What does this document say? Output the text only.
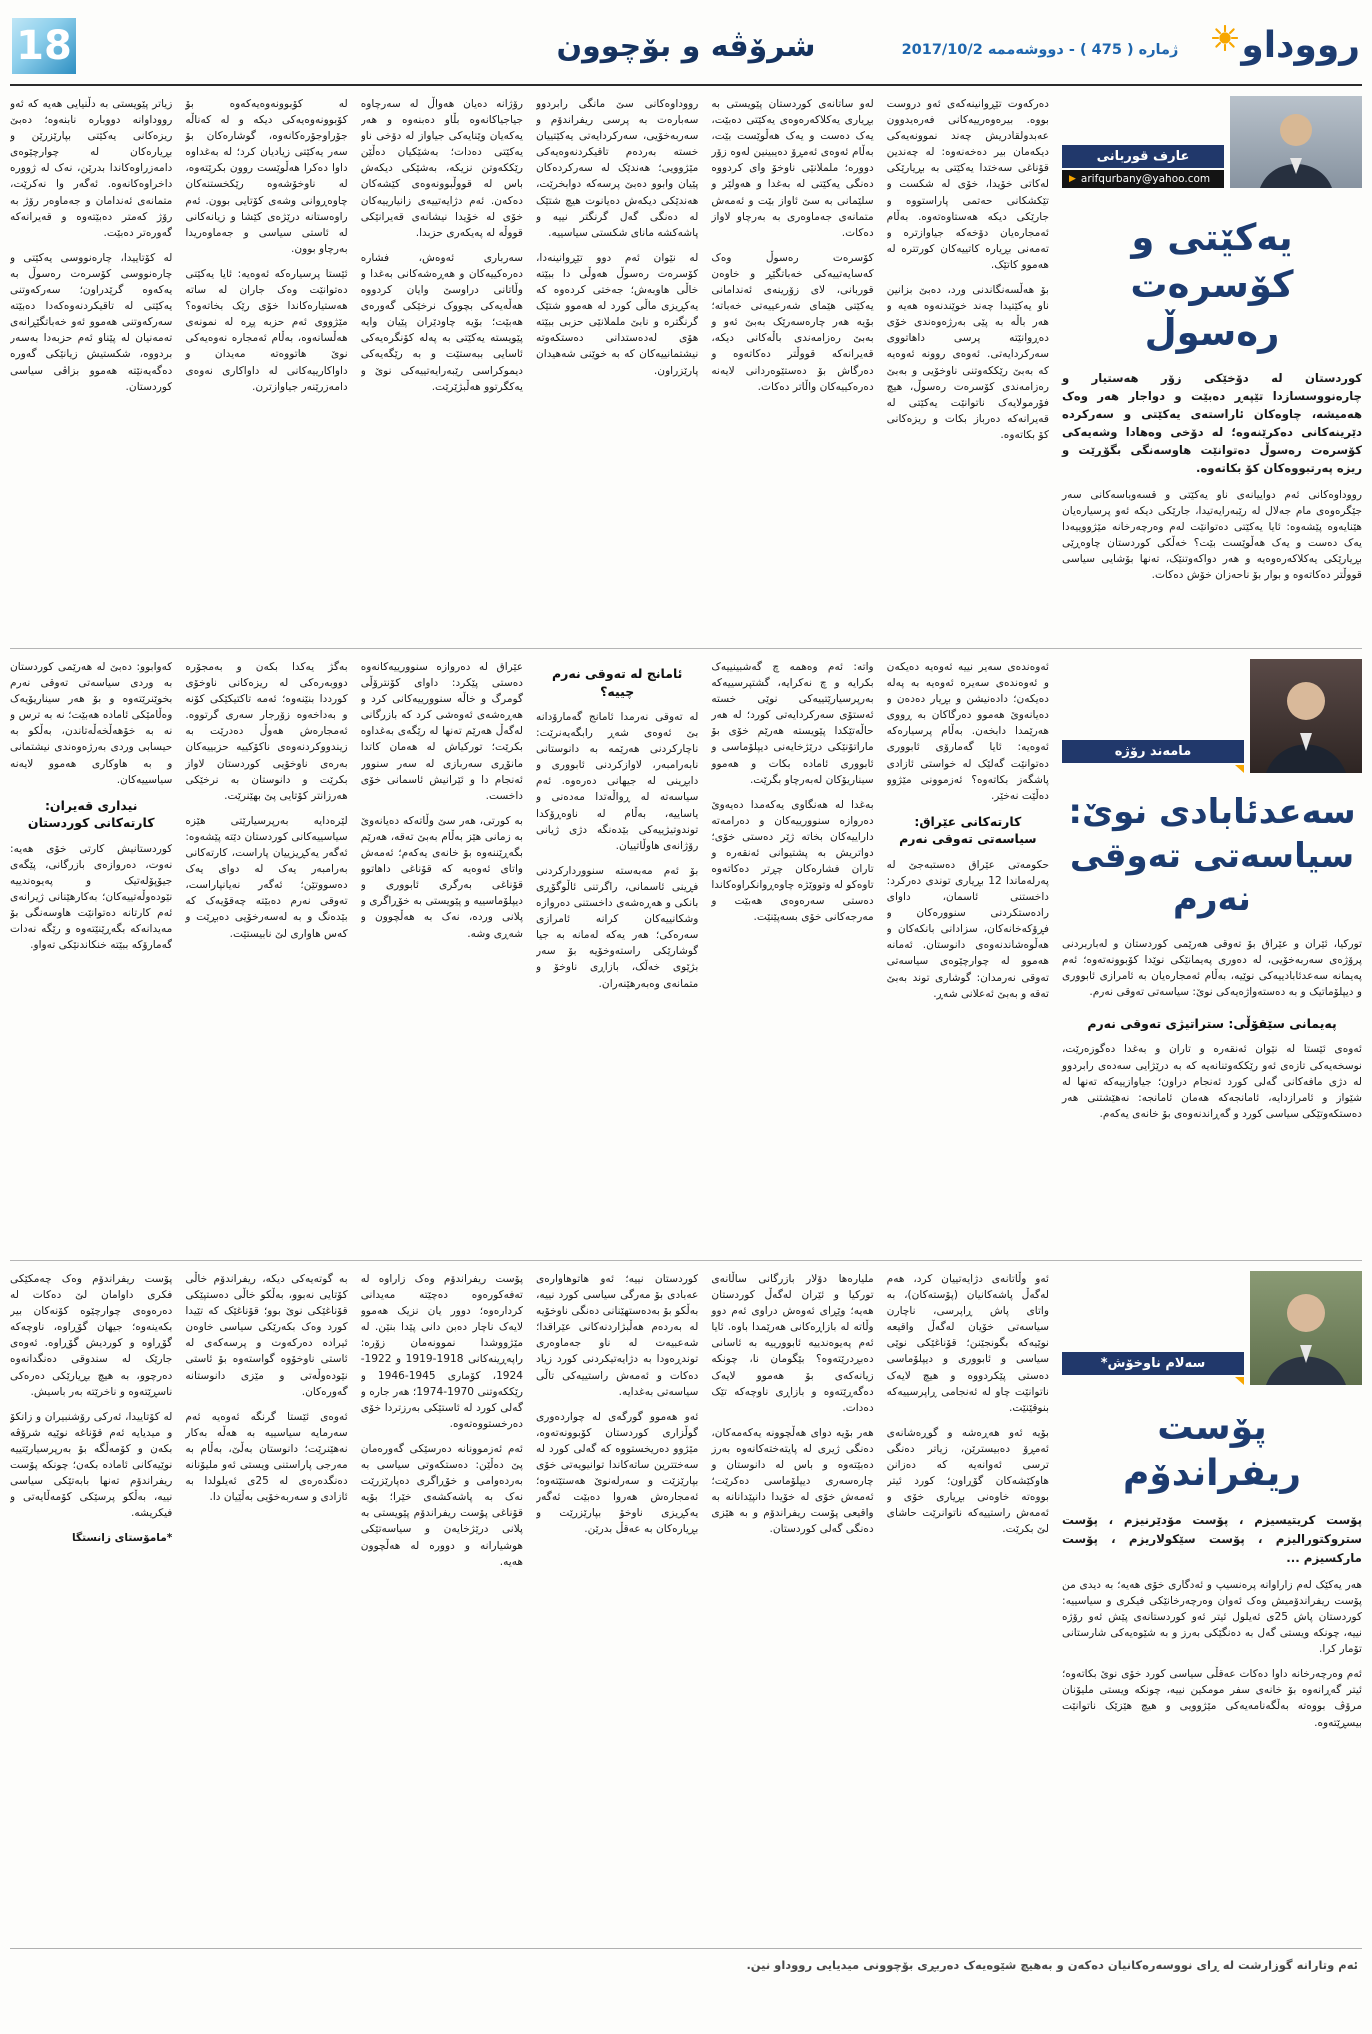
18	شرۆڤە و بۆچوون	ژمارە ( 475 ) - دووشەممە 2017/10/2 رووداو
عارف قوربانی
▶ arifqurbany@yahoo.com
یەکێتی و کۆسرەت رەسوڵ

کوردستان لە دۆخێکی زۆر هەستیار و چارەنووسسازدا تێپەڕ دەبێت و دواجار هەر وەک هەمیشە، چاوەکان ئاراستەی یەکێتی و سەرکردە دێرینەکانی دەکرێنەوە؛ لە دۆخی وەهادا وشەیەکی کۆسرەت رەسوڵ دەتوانێت هاوسەنگی بگۆڕێت و ریزە پەرتبووەکان کۆ بکاتەوە.

رووداوەکانی ئەم دواییانەی ناو یەکێتی و قسەوباسەکانی سەر جێگرەوەی مام جەلال لە رێبەرایەتیدا، جارێکی دیکە ئەو پرسیارەیان هێنایەوە پێشەوە: ئایا یەکێتی دەتوانێت لەم وەرچەرخانە مێژووییەدا یەک دەست و یەک هەڵوێست بێت؟ خەڵکی کوردستان چاوەڕێی بڕیارێکی یەکلاکەرەوەیە و هەر دواکەوتنێک، تەنها بۆشایی سیاسی قووڵتر دەکاتەوە و بوار بۆ ناحەزان خۆش دەکات.

دەرکەوت تێڕوانینەکەی ئەو دروست بووە. بیرەوەرییەکانی فەرەیدوون عەبدولقادریش چەند نموونەیەکی دیکەمان بیر دەخەنەوە: لە چەندین قۆناغی سەختدا یەکێتی بە بڕیارێکی لەکاتی خۆیدا، خۆی لە شکست و تێکشکانی حەتمی پاراستووە و جارێکی دیکە هەستاوەتەوە. بەڵام ئەمجارەیان دۆخەکە جیاوازترە و تەمەنی بڕیارە کاتییەکان کورتترە لە هەموو کاتێک.

بۆ هەڵسەنگاندنی ورد، دەبێ بزانین ناو یەکێتیدا چەند خوێندنەوە هەیە و هەر باڵە بە پێی بەرژەوەندی خۆی دەڕوانێتە پرسی داهاتووی سەرکردایەتی. ئەوەی روونە ئەوەیە کە بەبێ رێککەوتنی ناوخۆیی و بەبێ رەزامەندی کۆسرەت رەسوڵ، هیچ فۆرمولایەک ناتوانێت یەکێتی لە قەیرانەکە دەرباز بکات و ریزەکانی کۆ بکاتەوە.

لەو ساتانەی کوردستان پێویستی بە بڕیاری یەکلاکەرەوەی یەکێتی دەبێت، یەک دەست و یەک هەڵوێست بێت، بەڵام ئەوەی ئەمڕۆ دەیبینین لەوە زۆر دوورە؛ ململانێی ناوخۆ وای کردووە دەنگی یەکێتی لە بەغدا و هەولێر و سلێمانی بە سێ ئاواز بێت و ئەمەش متمانەی جەماوەری بە بەرچاو لاواز دەکات.

کۆسرەت رەسوڵ وەک کەسایەتییەکی خەباتگێڕ و خاوەن قوربانی، لای زۆرینەی ئەندامانی یەکێتی هێمای شەرعییەتی خەباتە؛ بۆیە هەر چارەسەرێک بەبێ ئەو و بەبێ رەزامەندی باڵەکانی دیکە، قەیرانەکە قووڵتر دەکاتەوە و دەرگاش بۆ دەستێوەردانی لایەنە دەرەکییەکان واڵاتر دەکات.

رووداوەکانی سێ مانگی رابردوو سەبارەت بە پرسی ریفراندۆم و سەربەخۆیی، سەرکردایەتی یەکێتییان خستە بەردەم تاقیکردنەوەیەکی مێژوویی؛ هەندێک لە سەرکردەکان پێیان وابوو دەبێ پرسەکە دوابخرێت، هەندێکی دیکەش دەیانوت هیچ شتێک لە دەنگی گەل گرنگتر نییە و پاشەکشە مانای شکستی سیاسییە.

لە نێوان ئەم دوو تێڕوانینەدا، کۆسرەت رەسوڵ هەوڵی دا ببێتە خاڵی هاوبەش؛ جەختی کردەوە کە یەکڕیزی ماڵی کورد لە هەموو شتێک گرنگترە و نابێ ململانێی حزبی ببێتە هۆی لەدەستدانی دەستکەوتە نیشتمانییەکان کە بە خوێنی شەهیدان پارێزراون.

رۆژانە دەیان هەواڵ لە سەرچاوە جیاجیاکانەوە بڵاو دەبنەوە و هەر یەکەیان وێنایەکی جیاواز لە دۆخی ناو یەکێتی دەدات؛ بەشێکیان دەڵێن رێککەوتن نزیکە، بەشێکی دیکەش باس لە قووڵبوونەوەی کێشەکان دەکەن. ئەم دژایەتییەی زانیارییەکان خۆی لە خۆیدا نیشانەی قەیرانێکی قووڵە لە پەیکەری حزبدا.

سەرباری ئەوەش، فشارە دەرەکییەکان و هەڕەشەکانی بەغدا و وڵاتانی دراوسێ وایان کردووە هەڵەیەکی بچووک نرخێکی گەورەی هەبێت؛ بۆیە چاودێران پێیان وایە پێویستە یەکێتی بە پەلە کۆنگرەیەکی ئاسایی ببەستێت و بە رێگەیەکی دیموکراسی رێبەرایەتییەکی نوێ و یەکگرتوو هەڵبژێرێت.

لە کۆبوونەوەیەکەوە بۆ کۆبوونەوەیەکی دیکە و لە کەناڵە جۆراوجۆرەکانەوە، گوشارەکان بۆ سەر یەکێتی زیادیان کرد؛ لە بەغداوە داوا دەکرا هەڵوێست روون بکرێتەوە، لە ناوخۆشەوە رێکخستنەکان چاوەڕوانی وشەی کۆتایی بوون. ئەم راوەستانە درێژەی کێشا و زیانەکانی لە ئاستی سیاسی و جەماوەریدا بەرچاو بوون.

ئێستا پرسیارەکە ئەوەیە: ئایا یەکێتی دەتوانێت وەک جاران لە ساتە هەستیارەکاندا خۆی رێک بخاتەوە؟ مێژووی ئەم حزبە پڕە لە نمونەی هەڵسانەوە، بەڵام ئەمجارە نەوەیەکی نوێ هاتووەتە مەیدان و داواکارییەکانی لە داواکاری نەوەی دامەزرێنەر جیاوازترن.

زیاتر پێویستی بە دڵنیایی هەیە کە ئەو رووداوانە دووبارە نابنەوە؛ دەبێ ریزەکانی یەکێتی بپارێزرێن و بڕیارەکان لە چوارچێوەی دامەزراوەکاندا بدرێن، نەک لە ژوورە داخراوەکانەوە. ئەگەر وا نەکرێت، متمانەی ئەندامان و جەماوەر رۆژ بە رۆژ کەمتر دەبێتەوە و قەیرانەکە گەورەتر دەبێت.

لە کۆتاییدا، چارەنووسی یەکێتی و چارەنووسی کۆسرەت رەسوڵ بە یەکەوە گرێدراون؛ سەرکەوتنی یەکێتی لە تاقیکردنەوەکەدا دەبێتە سەرکەوتنی هەموو ئەو خەباتگێڕانەی تەمەنیان لە پێناو ئەم حزبەدا بەسەر بردووە، شکستیش زیانێکی گەورە دەگەیەنێتە هەموو بزاڤی سیاسی کوردستان.

مامەند رۆژە
سەعدئابادی نوێ: سیاسەتی تەوقی نەرم

تورکیا، ئێران و عێراق بۆ تەوقی هەرێمی کوردستان و لەباربردنی پرۆژەی سەربەخۆیی، لە دەوری پەیمانێکی نوێدا کۆبوونەتەوە؛ ئەم پەیمانە سەعدئابادییەکی نوێیە، بەڵام ئەمجارەیان بە ئامرازی ئابووری و دیپلۆماتیک و بە دەستەواژەیەکی نوێ: سیاسەتی تەوقی نەرم.

پەیمانی سێقۆڵی: ستراتیژی تەوقی نەرم

ئەوەی ئێستا لە نێوان ئەنقەرە و تاران و بەغدا دەگوزەرێت، نوسخەیەکی تازەی ئەو رێککەوتنانەیە کە بە درێژایی سەدەی رابردوو لە دژی مافەکانی گەلی کورد ئەنجام دراون؛ جیاوازییەکە تەنها لە شێواز و ئامرازدایە، ئامانجەکە هەمان ئامانجە: نەهێشتنی هەر دەستکەوتێکی سیاسی کورد و گەڕاندنەوەی بۆ خانەی یەکەم.

ئەوەندەی سەیر نییە ئەوەیە دەیکەن و ئەوەندەی سەیرە ئەوەیە بە پەلە دەیکەن؛ دادەنیشن و بڕیار دەدەن و دەیانەوێ هەموو دەرگاکان بە ڕووی هەرێمدا دابخەن. بەڵام پرسیارەکە ئەوەیە: ئایا گەمارۆی ئابووری دەتوانێت گەلێک لە خواستی ئازادی پاشگەز بکاتەوە؟ ئەزموونی مێژوو دەڵێت نەخێر.

کارتەکانی عێراق: سیاسەتی تەوقی نەرم

حکومەتی عێراق دەستبەجێ لە پەرلەماندا 12 بڕیاری توندی دەرکرد: داخستنی ئاسمان، داوای رادەستکردنی سنوورەکان و فڕۆکەخانەکان، سزادانی بانکەکان و هەڵوەشاندنەوەی دانوستان. ئەمانە هەموو لە چوارچێوەی سیاسەتی تەوقی نەرمدان: گوشاری توند بەبێ تەقە و بەبێ ئەعلانی شەڕ.

واتە: ئەم وەهمە چ گەشبینییەک بکرایە و چ نەکرایە، گشتپرسییەکە بەرپرسیارێتییەکی نوێی خستە ئەستۆی سەرکردایەتی کورد؛ لە هەر حاڵەتێکدا پێویستە هەرێم خۆی بۆ ماراتۆنێکی درێژخایەنی دیپلۆماسی و ئابووری ئامادە بکات و هەموو سیناریۆکان لەبەرچاو بگرێت.

بەغدا لە هەنگاوی یەکەمدا دەیەوێ دەروازە سنوورییەکان و دەرامەتە داراییەکان بخاتە ژێر دەستی خۆی؛ دواتریش بە پشتیوانی ئەنقەرە و تاران فشارەکان چڕتر دەکاتەوە تاوەکو لە وتووێژە چاوەڕوانکراوەکاندا دەستی سەرەوەی هەبێت و مەرجەکانی خۆی بسەپێنێت.

ئامانج لە تەوقی نەرم چییە؟

لە تەوقی نەرمدا ئامانج گەمارۆدانە بێ ئەوەی شەڕ رابگەیەنرێت: ناچارکردنی هەرێمە بە دانوستانی نابەرامبەر، لاوازکردنی ئابووری و دابڕینی لە جیهانی دەرەوە. ئەم سیاسەتە لە ڕواڵەتدا مەدەنی و یاساییە، بەڵام لە ناوەڕۆکدا توندوتیژییەکی بێدەنگە دژی ژیانی رۆژانەی هاوڵاتییان.

بۆ ئەم مەبەستە سنووردارکردنی فڕینی ئاسمانی، راگرتنی ئاڵوگۆڕی بانکی و هەڕەشەی داخستنی دەروازە وشکانییەکان کرانە ئامرازی سەرەکی؛ هەر یەکە لەمانە بە جیا گوشارێکی راستەوخۆیە بۆ سەر بژێوی خەڵک، بازاڕی ناوخۆ و متمانەی وەبەرهێنەران.

عێراق لە دەروازە سنوورییەکانەوە دەستی پێکرد: داوای کۆنترۆڵی گومرگ و خاڵە سنوورییەکانی کرد و هەڕەشەی ئەوەشی کرد کە بازرگانی لەگەڵ هەرێم تەنها لە رێگەی بەغداوە بکرێت؛ تورکیاش لە هەمان کاتدا مانۆڕی سەربازی لە سەر سنوور ئەنجام دا و ئێرانیش ئاسمانی خۆی داخست.

بە کورتی، هەر سێ وڵاتەکە دەیانەوێ بە زمانی هێز بەڵام بەبێ تەقە، هەرێم بگەڕێننەوە بۆ خانەی یەکەم؛ ئەمەش واتای ئەوەیە کە قۆناغی داهاتوو قۆناغی بەرگری ئابووری و دیپلۆماسییە و پێویستی بە خۆڕاگری و پلانی وردە، نەک بە هەڵچوون و شەڕی وشە.

بەگژ یەکدا بکەن و بەمجۆرە دووبەرەکی لە ریزەکانی ناوخۆی کورددا بنێنەوە؛ ئەمە تاکتیکێکی کۆنە و بەداخەوە زۆرجار سەری گرتووە. ئەمجارەش هەوڵ دەدرێت بە زیندووکردنەوەی ناکۆکییە حزبییەکان بەرەی ناوخۆیی کوردستان لاواز بکرێت و دانوستان بە نرخێکی هەرزانتر کۆتایی پێ بهێنرێت.

لێرەدایە بەرپرسیارێتی هێزە سیاسییەکانی کوردستان دێتە پێشەوە: ئەگەر یەکڕیزییان پاراست، کارتەکانی بەرامبەر یەک لە دوای یەک دەسووتێن؛ ئەگەر نەیانپاراست، تەوقی نەرم دەبێتە چەقۆیەک کە بێدەنگ و بە لەسەرخۆیی دەبڕێت و کەس هاواری لێ نابیستێت.

کەوابوو: دەبێ لە هەرێمی کوردستان بە وردی سیاسەتی تەوقی نەرم بخوێنرێتەوە و بۆ هەر سیناریۆیەک وەڵامێکی ئامادە هەبێت؛ نە بە ترس و نە بە خۆهەڵخەڵەتاندن، بەڵکو بە حیسابی وردی بەرژەوەندی نیشتمانی و بە هاوکاری هەموو لایەنە سیاسییەکان.

نیداری قەیران: کارتەکانی کوردستان

کوردستانیش کارتی خۆی هەیە: نەوت، دەروازەی بازرگانی، پێگەی جیۆپۆلەتیک و پەیوەندییە نێودەوڵەتییەکان؛ بەکارهێنانی ژیرانەی ئەم کارتانە دەتوانێت هاوسەنگی بۆ مەیدانەکە بگەڕێنێتەوە و رێگە نەدات گەمارۆکە ببێتە خنکاندنێکی تەواو.

سەلام ناوخۆش*
پۆست ریفراندۆم

پۆست کریتیسیزم ، پۆست مۆدێرنیزم ، پۆست ستروکتورالیزم ، پۆست سێکولاریزم ، پۆست مارکسیزم ...

هەر یەکێک لەم زاراوانە پرەنسیپ و ئەدگاری خۆی هەیە؛ بە دیدی من پۆست ریفراندۆمیش وەک ئەوان وەرچەرخانێکی فیکری و سیاسییە: کوردستان پاش 25ی ئەیلول ئیتر ئەو کوردستانەی پێش ئەو رۆژە نییە، چونکە ویستی گەل بە دەنگێکی بەرز و بە شێوەیەکی شارستانی تۆمار کرا.

ئەم وەرچەرخانە داوا دەکات عەقڵی سیاسی کورد خۆی نوێ بکاتەوە؛ ئیتر گەڕانەوە بۆ خانەی سفر مومکین نییە، چونکە ویستی ملیۆنان مرۆڤ بووەتە بەڵگەنامەیەکی مێژوویی و هیچ هێزێک ناتوانێت بیسڕێتەوە.

ئەو وڵاتانەی دژایەتییان کرد، هەم لەگەڵ پاشەکانیان (پۆستەکان)، بە واتای پاش ڕاپرسی، ناچارن سیاسەتی خۆیان لەگەڵ واقیعە نوێیەکە بگونجێنن؛ قۆناغێکی نوێی سیاسی و ئابووری و دیپلۆماسی دەستی پێکردووە و هیچ لایەک ناتوانێت چاو لە ئەنجامی ڕاپرسییەکە بنوقێنێت.

بۆیە ئەو هەڕەشە و گوڕەشانەی ئەمڕۆ دەبیسترێن، زیاتر دەنگی ترسی ئەوانەیە کە دەزانن هاوکێشەکان گۆڕاون؛ کورد ئیتر بووەتە خاوەنی بڕیاری خۆی و ئەمەش راستییەکە ناتوانرێت حاشای لێ بکرێت.

ملیارەها دۆلار بازرگانی ساڵانەی تورکیا و ئێران لەگەڵ کوردستان هەیە؛ وێڕای ئەوەش دراوی ئەم دوو وڵاتە لە بازاڕەکانی هەرێمدا باوە. ئایا ئەم پەیوەندییە ئابوورییە بە ئاسانی دەبڕدرێتەوە؟ بێگومان نا، چونکە زیانەکەی بۆ هەموو لایەک دەگەڕێتەوە و بازاڕی ناوچەکە تێک دەدات.

هەر بۆیە دوای هەڵچوونە یەکەمەکان، دەنگی ژیری لە پایتەختەکانەوە بەرز دەبێتەوە و باس لە دانوستان و چارەسەری دیپلۆماسی دەکرێت؛ ئەمەش خۆی لە خۆیدا دانپێدانانە بە واقیعی پۆست ریفراندۆم و بە هێزی دەنگی گەلی کوردستان.

کوردستان نییە؛ ئەو هاتوهاوارەی عەبادی بۆ مەرگی سیاسی کورد نییە، بەڵکو بۆ بەدەستهێنانی دەنگی ناوخۆیە لە بەردەم هەڵبژاردنەکانی عێراقدا؛ شەعبیەت لە ناو جەماوەری توندڕەودا بە دژایەتیکردنی کورد زیاد دەکات و ئەمەش راستییەکی تاڵی سیاسەتی بەغدایە.

ئەو هەموو گورگەی لە چواردەوری گوڵزاری کوردستان کۆبوونەتەوە، مێژوو دەریخستووە کە گەلی کورد لە سەختترین ساتەکاندا توانیویەتی خۆی بپارێزێت و سەرلەنوێ هەستێتەوە؛ ئەمجارەش هەروا دەبێت ئەگەر یەکڕیزی ناوخۆ بپارێزرێت و بڕیارەکان بە عەقڵ بدرێن.

پۆست ریفراندۆم وەک زاراوە لە تەفەکورەوە دەچێتە مەیدانی کردارەوە؛ دوور یان نزیک هەموو لایەک ناچار دەبن دانی پێدا بنێن. لە مێژووشدا نموونەمان زۆرە: راپەڕینەکانی 1918-1919 و 1922-1924، کۆماری 1945-1946 و رێککەوتنی 1970-1974؛ هەر جارە و گەلی کورد لە ئاستێکی بەرزتردا خۆی دەرخستووەتەوە.

ئەم ئەزموونانە دەرسێکی گەورەمان پێ دەڵێن: دەستکەوتی سیاسی بە بەردەوامی و خۆڕاگری دەپارێزرێت نەک بە پاشەکشەی خێرا؛ بۆیە قۆناغی پۆست ریفراندۆم پێویستی بە پلانی درێژخایەن و سیاسەتێکی هوشیارانە و دوورە لە هەڵچوون هەیە.

بە گوتەیەکی دیکە، ریفراندۆم خاڵی کۆتایی نەبوو، بەڵکو خاڵی دەستپێکی قۆناغێکی نوێ بوو؛ قۆناغێک کە تێیدا کورد وەک بکەرێکی سیاسی خاوەن ئیرادە دەرکەوت و پرسەکەی لە ئاستی ناوخۆوە گواستەوە بۆ ئاستی نێودەوڵەتی و مێزی دانوستانە گەورەکان.

ئەوەی ئێستا گرنگە ئەوەیە ئەم سەرمایە سیاسییە بە هەڵە بەکار نەهێنرێت؛ دانوستان بەڵێ، بەڵام بە مەرجی پاراستنی ویستی ئەو ملیۆنانە دەنگدەرەی لە 25ی ئەیلولدا بە ئازادی و سەربەخۆیی بەڵێیان دا.

پۆست ریفراندۆم وەک چەمکێکی فکری داوامان لێ دەکات لە دەرەوەی چوارچێوە کۆنەکان بیر بکەینەوە؛ جیهان گۆڕاوە، ناوچەکە گۆڕاوە و کوردیش گۆڕاوە. ئەوەی جارێک لە سندوقی دەنگدانەوە دەرچوو، بە هیچ بڕیارێکی دەرەکی ناسڕێتەوە و ناخرێتە بەر باسیش.

لە کۆتاییدا، ئەرکی رۆشنبیران و زانکۆ و میدیایە ئەم قۆناغە نوێیە شرۆڤە بکەن و کۆمەڵگە بۆ بەرپرسیارێتییە نوێیەکانی ئامادە بکەن؛ چونکە پۆست ریفراندۆم تەنها بابەتێکی سیاسی نییە، بەڵکو پرسێکی کۆمەڵایەتی و فیکریشە.

*مامۆستای زانستگا

ئەم وتارانە گوزارشت لە ڕای نووسەرەکانیان دەکەن و بەهیچ شێوەیەک دەربڕی بۆچوونی میدیایی رووداو نین.
